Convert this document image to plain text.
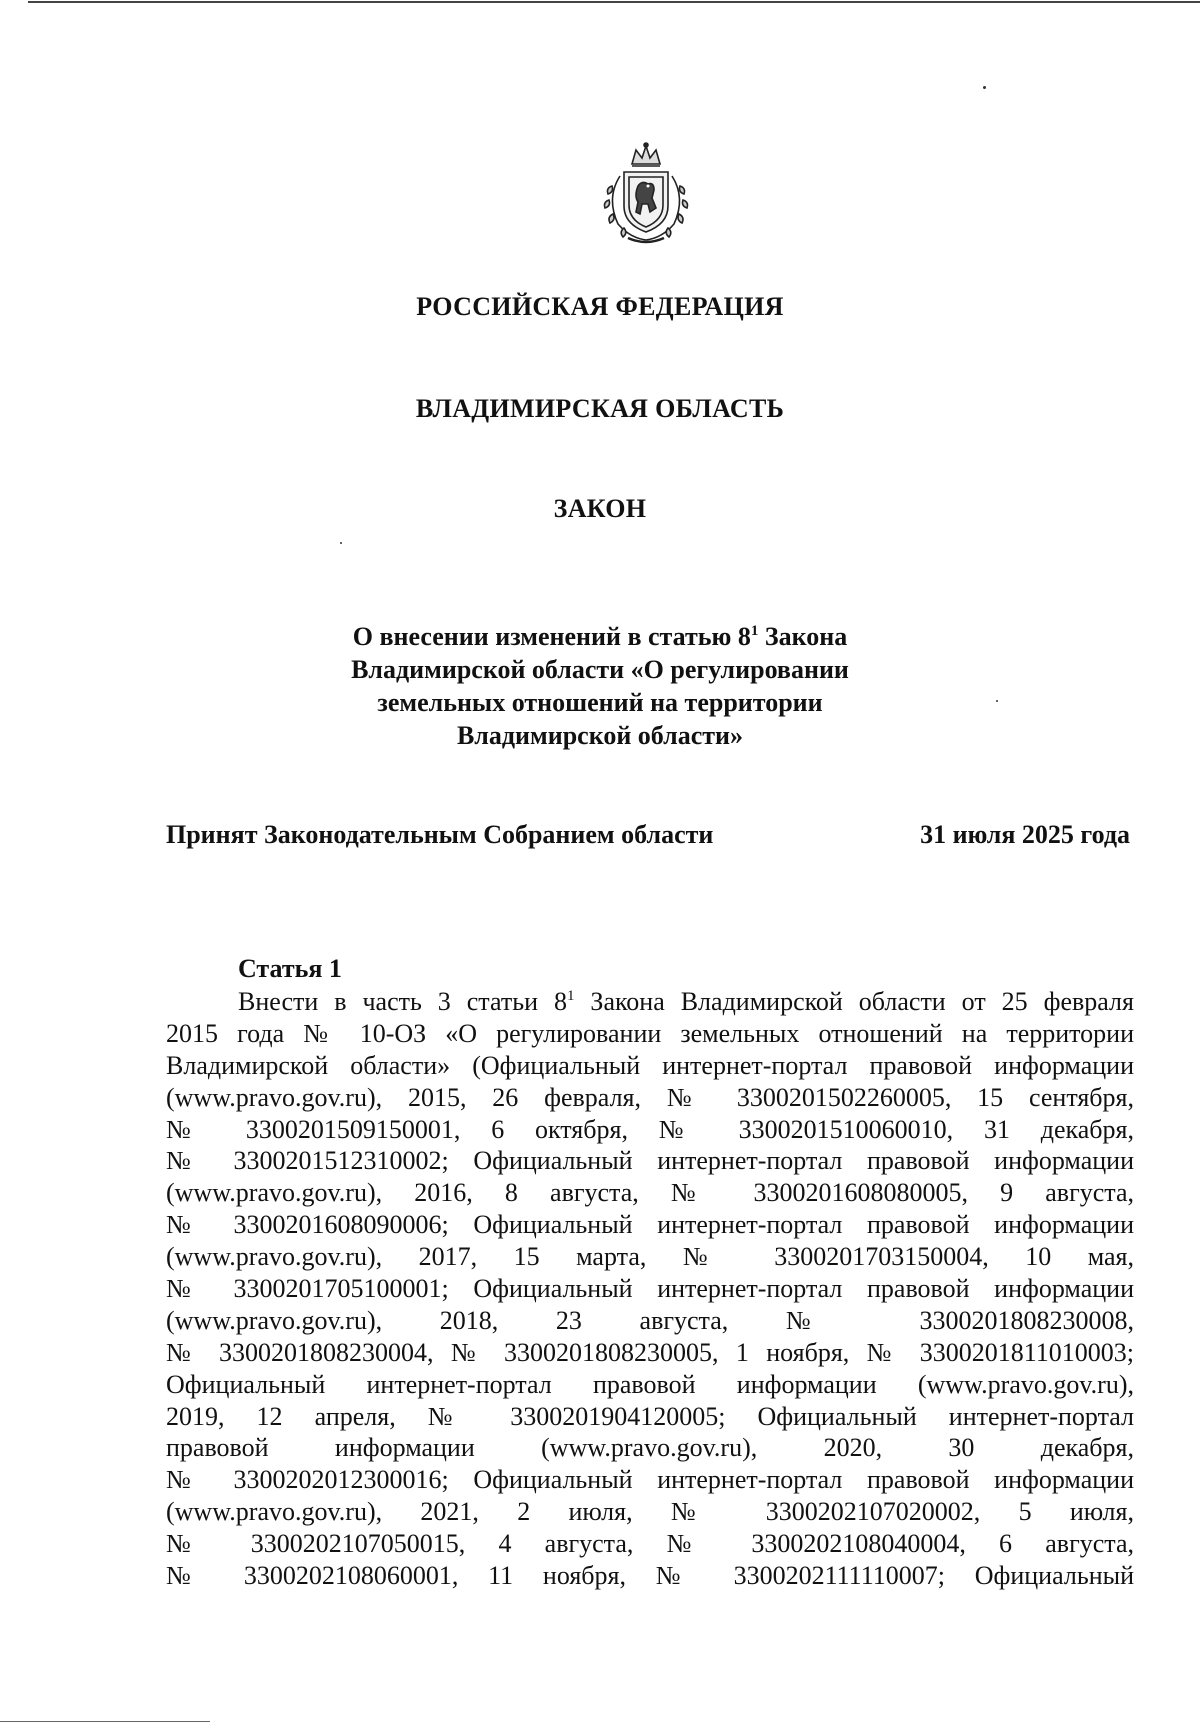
РОССИЙСКАЯ ФЕДЕРАЦИЯ
ВЛАДИМИРСКАЯ ОБЛАСТЬ
ЗАКОН
О внесении изменений в статью $8^1$ Закона
Владимирской области «О регулировании
земельных отношений на территории
Владимирской области»
Принят Законодательным Собранием области	31 июля 2025 года
Статья 1
Внести в часть 3 статьи $8^1$ Закона Владимирской области от 25 февраля
2015 года № 10-ОЗ «О регулировании земельных отношений на территории
Владимирской области» (Официальный интернет-портал правовой информации
(www.pravo.gov.ru), 2015, 26 февраля, № 3300201502260005, 15 сентября,
№ 3300201509150001, 6 октября, № 3300201510060010, 31 декабря,
№ 3300201512310002; Официальный интернет-портал правовой информации
(www.pravo.gov.ru), 2016, 8 августа, № 3300201608080005, 9 августа,
№ 3300201608090006; Официальный интернет-портал правовой информации
(www.pravo.gov.ru), 2017, 15 марта, № 3300201703150004, 10 мая,
№ 3300201705100001; Официальный интернет-портал правовой информации
(www.pravo.gov.ru), 2018, 23 августа, № 3300201808230008,
№ 3300201808230004, № 3300201808230005, 1 ноября, № 3300201811010003;
Официальный интернет-портал правовой информации (www.pravo.gov.ru),
2019, 12 апреля, № 3300201904120005; Официальный интернет-портал
правовой информации (www.pravo.gov.ru), 2020, 30 декабря,
№ 3300202012300016; Официальный интернет-портал правовой информации
(www.pravo.gov.ru), 2021, 2 июля, № 3300202107020002, 5 июля,
№ 3300202107050015, 4 августа, № 3300202108040004, 6 августа,
№ 3300202108060001, 11 ноября, № 3300202111110007; Официальный
